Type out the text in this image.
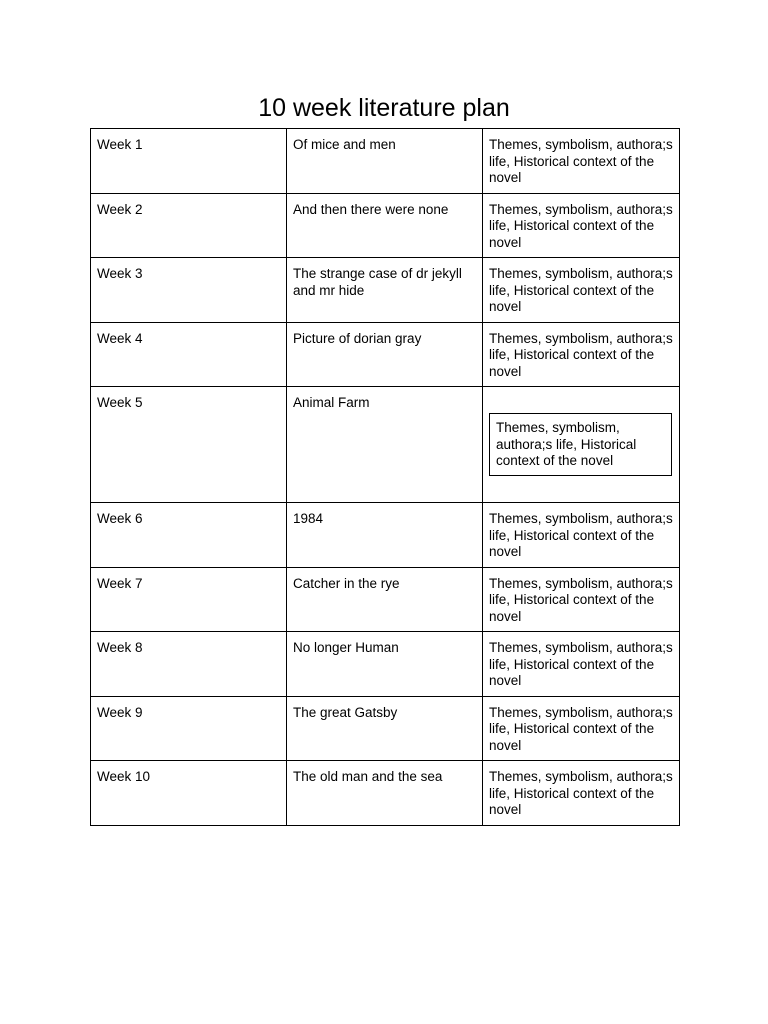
10 week literature plan
Week 1	Of mice and men	Themes, symbolism, authora;s life, Historical context of the novel
Week 2	And then there were none	Themes, symbolism, authora;s life, Historical context of the novel
Week 3	The strange case of dr jekyll and mr hide	Themes, symbolism, authora;s life, Historical context of the novel
Week 4	Picture of dorian gray	Themes, symbolism, authora;s life, Historical context of the novel
Week 5	Animal Farm	Themes, symbolism, authora;s life, Historical context of the novel

Week 6	1984	Themes, symbolism, authora;s life, Historical context of the novel
Week 7	Catcher in the rye	Themes, symbolism, authora;s life, Historical context of the novel
Week 8	No longer Human	Themes, symbolism, authora;s life, Historical context of the novel
Week 9	The great Gatsby	Themes, symbolism, authora;s life, Historical context of the novel
Week 10	The old man and the sea	Themes, symbolism, authora;s life, Historical context of the novel
